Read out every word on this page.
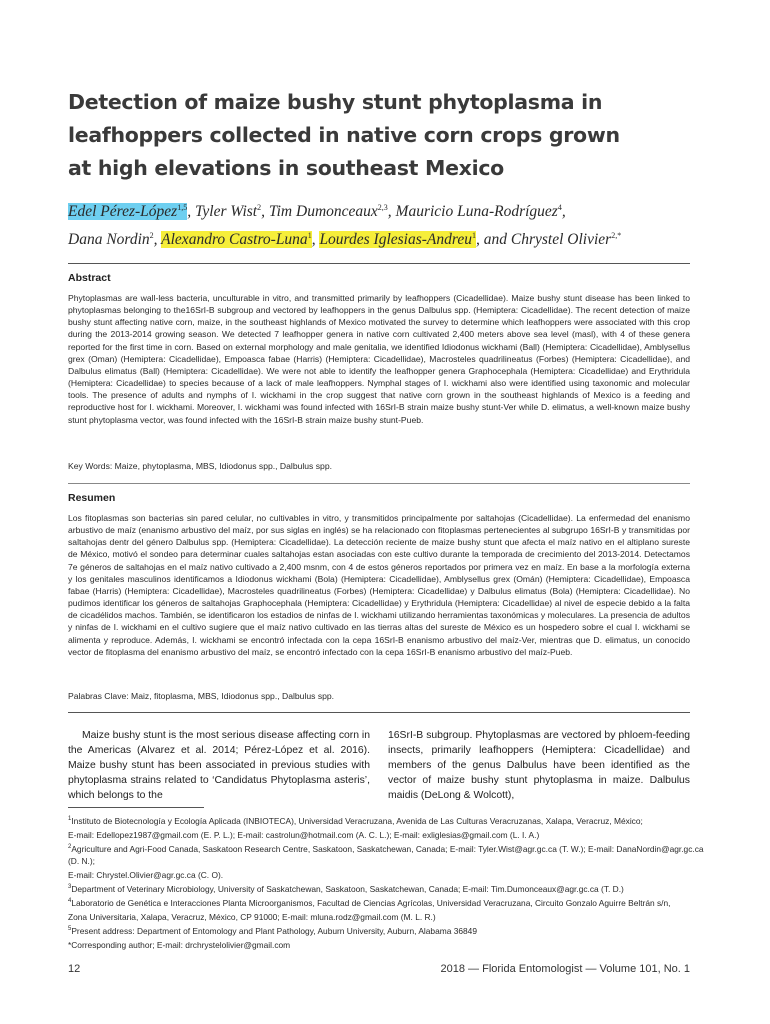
Detection of maize bushy stunt phytoplasma in
leafhoppers collected in native corn crops grown
at high elevations in southeast Mexico
Edel Pérez-López$^{1,5}$, Tyler Wist$^2$, Tim Dumonceaux$^{2,3}$, Mauricio Luna-Rodríguez$^4$,
Dana Nordin$^2$, Alexandro Castro-Luna$^1$, Lourdes Iglesias-Andreu$^1$, and Chrystel Olivier$^{2,*}$
Abstract

Phytoplasmas are wall-less bacteria, unculturable in vitro, and transmitted primarily by leafhoppers (Cicadellidae). Maize bushy stunt disease has been linked to phytoplasmas belonging to the16SrI-B subgroup and vectored by leafhoppers in the genus Dalbulus spp. (Hemiptera: Cicadellidae). The recent detection of maize bushy stunt affecting native corn, maize, in the southeast highlands of Mexico motivated the survey to determine which leafhoppers were associated with this crop during the 2013-2014 growing season. We detected 7 leafhopper genera in native corn cultivated 2,400 meters above sea level (masl), with 4 of these genera reported for the first time in corn. Based on external morphology and male genitalia, we identified Idiodonus wickhami (Ball) (Hemiptera: Cicadellidae), Amblysellus grex (Oman) (Hemiptera: Cicadellidae), Empoasca fabae (Harris) (Hemiptera: Cicadellidae), Macrosteles quadrilineatus (Forbes) (Hemiptera: Cicadellidae), and Dalbulus elimatus (Ball) (Hemiptera: Cicadellidae). We were not able to identify the leafhopper genera Graphocephala (Hemiptera: Cicadellidae) and Erythridula (Hemiptera: Cicadellidae) to species because of a lack of male leafhoppers. Nymphal stages of I. wickhami also were identified using taxonomic and molecular tools. The presence of adults and nymphs of I. wickhami in the crop suggest that native corn grown in the southeast highlands of Mexico is a feeding and reproductive host for I. wickhami. Moreover, I. wickhami was found infected with 16SrI-B strain maize bushy stunt-Ver while D. elimatus, a well-known maize bushy stunt phytoplasma vector, was found infected with the 16SrI-B strain maize bushy stunt-Pueb.

Key Words: Maize, phytoplasma, MBS, Idiodonus spp., Dalbulus spp.

Resumen

Los fitoplasmas son bacterias sin pared celular, no cultivables in vitro, y transmitidos principalmente por saltahojas (Cicadellidae). La enfermedad del enanismo arbustivo de maíz (enanismo arbustivo del maíz, por sus siglas en inglés) se ha relacionado con fitoplasmas pertenecientes al subgrupo 16SrI-B y transmitidas por saltahojas dentr del género Dalbulus spp. (Hemiptera: Cicadellidae). La detección reciente de maize bushy stunt que afecta el maíz nativo en el altiplano sureste de México, motivó el sondeo para determinar cuales saltahojas estan asociadas con este cultivo durante la temporada de crecimiento del 2013-2014. Detectamos 7e géneros de saltahojas en el maíz nativo cultivado a 2,400 msnm, con 4 de estos géneros reportados por primera vez en maíz. En base a la morfología externa y los genitales masculinos identificamos a Idiodonus wickhami (Bola) (Hemiptera: Cicadellidae), Amblysellus grex (Omán) (Hemiptera: Cicadellidae), Empoasca fabae (Harris) (Hemiptera: Cicadellidae), Macrosteles quadrilineatus (Forbes) (Hemiptera: Cicadellidae) y Dalbulus elimatus (Bola) (Hemiptera: Cicadellidae). No pudimos identificar los géneros de saltahojas Graphocephala (Hemiptera: Cicadellidae) y Erythridula (Hemiptera: Cicadellidae) al nivel de especie debido a la falta de cicadélidos machos. También, se identificaron los estadios de ninfas de I. wickhami utilizando herramientas taxonómicas y moleculares. La presencia de adultos y ninfas de I. wickhami en el cultivo sugiere que el maíz nativo cultivado en las tierras altas del sureste de México es un hospedero sobre el cual I. wickhami se alimenta y reproduce. Además, I. wickhami se encontró infectada con la cepa 16SrI-B enanismo arbustivo del maíz-Ver, mientras que D. elimatus, un conocido vector de fitoplasma del enanismo arbustivo del maíz, se encontró infectado con la cepa 16SrI-B enanismo arbustivo del maíz-Pueb.

Palabras Clave: Maiz, fitoplasma, MBS, Idiodonus spp., Dalbulus spp.

Maize bushy stunt is the most serious disease affecting corn in the Americas (Alvarez et al. 2014; Pérez-López et al. 2016). Maize bushy stunt has been associated in previous studies with phytoplasma strains related to ‘Candidatus Phytoplasma asteris’, which belongs to the

16SrI-B subgroup. Phytoplasmas are vectored by phloem-feeding insects, primarily leafhoppers (Hemiptera: Cicadellidae) and members of the genus Dalbulus have been identified as the vector of maize bushy stunt phytoplasma in maize. Dalbulus maidis (DeLong & Wolcott),

$^1$Instituto de Biotecnología y Ecología Aplicada (INBIOTECA), Universidad Veracruzana, Avenida de Las Culturas Veracruzanas, Xalapa, Veracruz, México;

E-mail: Edellopez1987@gmail.com (E. P. L.); E-mail: castrolun@hotmail.com (A. C. L.); E-mail: exliglesias@gmail.com (L. I. A.)

$^2$Agriculture and Agri-Food Canada, Saskatoon Research Centre, Saskatoon, Saskatchewan, Canada; E-mail: Tyler.Wist@agr.gc.ca (T. W.); E-mail: DanaNordin@agr.gc.ca (D. N.);

E-mail: Chrystel.Olivier@agr.gc.ca (C. O).

$^3$Department of Veterinary Microbiology, University of Saskatchewan, Saskatoon, Saskatchewan, Canada; E-mail: Tim.Dumonceaux@agr.gc.ca (T. D.)

$^4$Laboratorio de Genética e Interacciones Planta Microorganismos, Facultad de Ciencias Agrícolas, Universidad Veracruzana, Circuito Gonzalo Aguirre Beltrán s/n,

Zona Universitaria, Xalapa, Veracruz, México, CP 91000; E-mail: mluna.rodz@gmail.com (M. L. R.)

$^5$Present address: Department of Entomology and Plant Pathology, Auburn University, Auburn, Alabama 36849

*Corresponding author; E-mail: drchrystelolivier@gmail.com

12	2018 — Florida Entomologist — Volume 101, No. 1
